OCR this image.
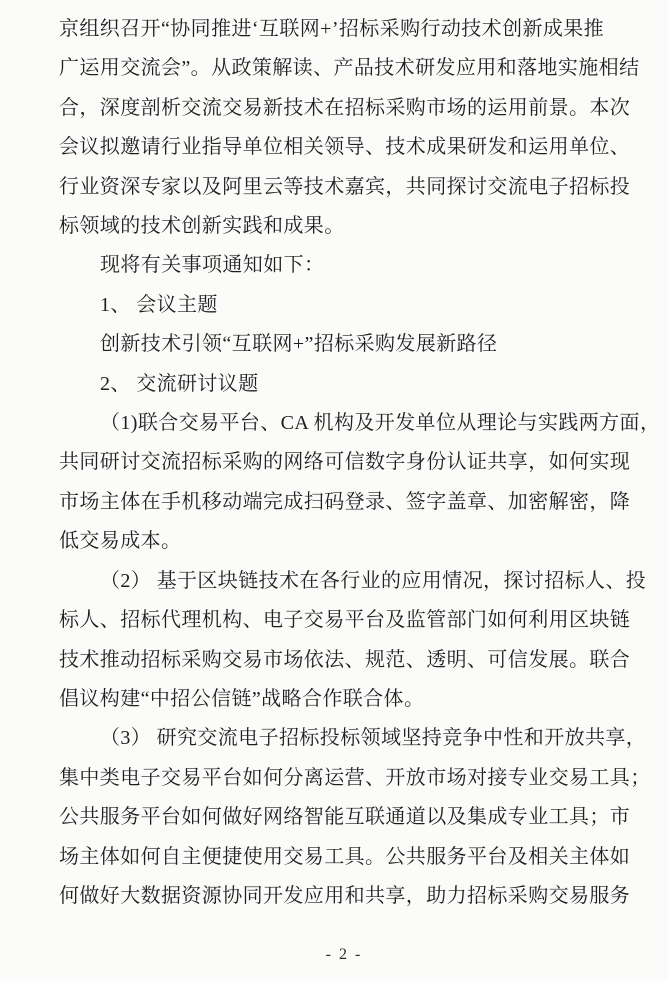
京组织召开“协同推进‘互联网+’招标采购行动技术创新成果推
广运用交流会”。从政策解读、产品技术研发应用和落地实施相结
合，深度剖析交流交易新技术在招标采购市场的运用前景。本次
会议拟邀请行业指导单位相关领导、技术成果研发和运用单位、
行业资深专家以及阿里云等技术嘉宾，共同探讨交流电子招标投
标领域的技术创新实践和成果。
现将有关事项通知如下：
1、 会议主题
创新技术引领“互联网+”招标采购发展新路径
2、 交流研讨议题
（1)联合交易平台、CA 机构及开发单位从理论与实践两方面，
共同研讨交流招标采购的网络可信数字身份认证共享，如何实现
市场主体在手机移动端完成扫码登录、签字盖章、加密解密，降
低交易成本。
（2） 基于区块链技术在各行业的应用情况，探讨招标人、投
标人、招标代理机构、电子交易平台及监管部门如何利用区块链
技术推动招标采购交易市场依法、规范、透明、可信发展。联合
倡议构建“中招公信链”战略合作联合体。
（3） 研究交流电子招标投标领域坚持竞争中性和开放共享，
集中类电子交易平台如何分离运营、开放市场对接专业交易工具；
公共服务平台如何做好网络智能互联通道以及集成专业工具；市
场主体如何自主便捷使用交易工具。公共服务平台及相关主体如
何做好大数据资源协同开发应用和共享，助力招标采购交易服务
- 2 -
